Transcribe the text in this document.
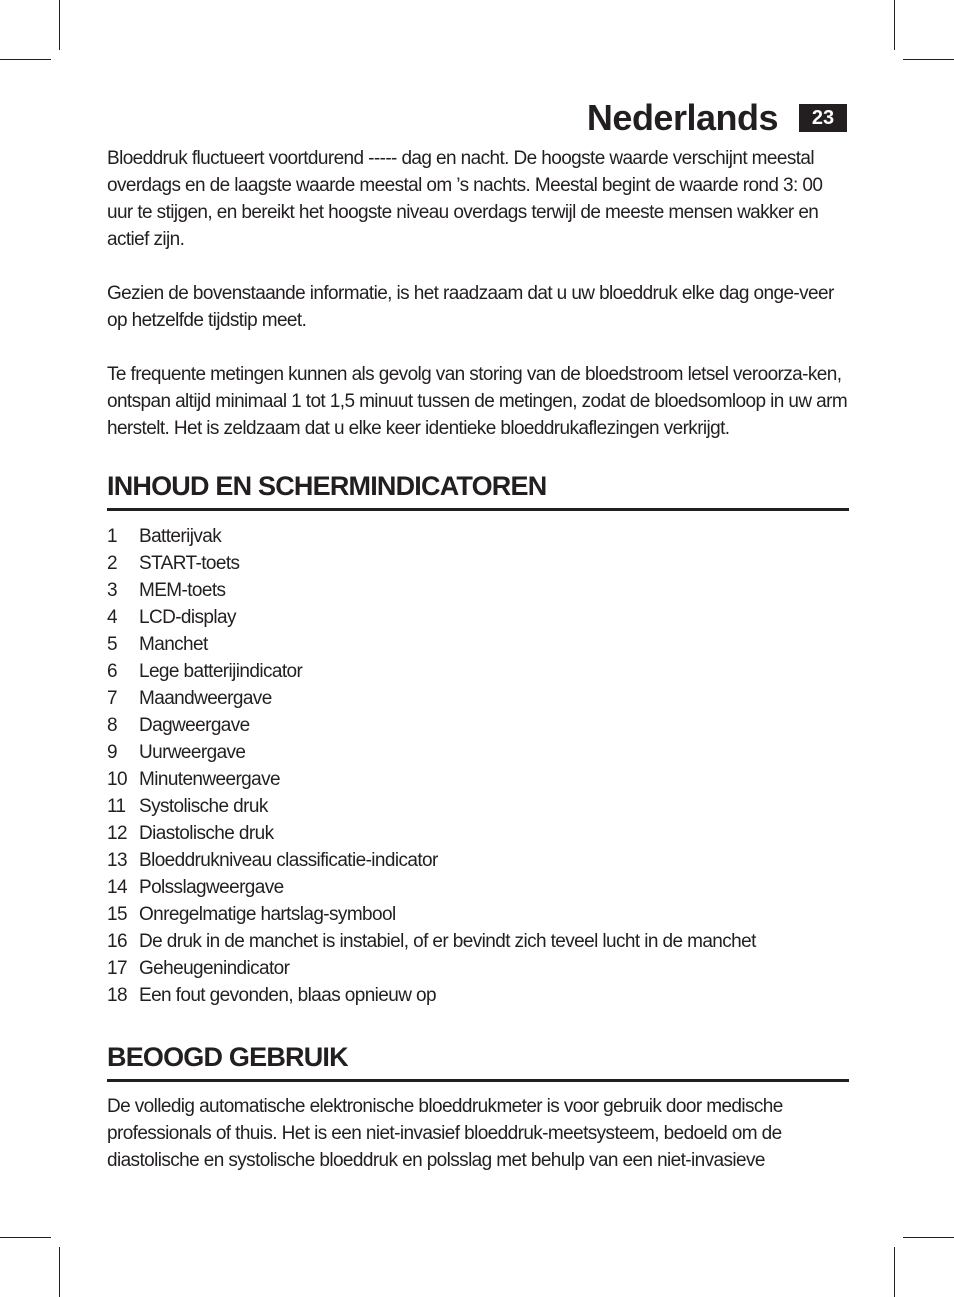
Nederlands	23

Bloeddruk fluctueert voortdurend ----- dag en nacht. De hoogste waarde verschijnt meestal overdags en de laagste waarde meestal om ’s nachts. Meestal begint de waarde rond 3: 00 uur te stijgen, en bereikt het hoogste niveau overdags terwijl de meeste mensen wakker en actief zijn.

Gezien de bovenstaande informatie, is het raadzaam dat u uw bloeddruk elke dag onge-veer op hetzelfde tijdstip meet.

Te frequente metingen kunnen als gevolg van storing van de bloedstroom letsel veroorza-ken, ontspan altijd minimaal 1 tot 1,5 minuut tussen de metingen, zodat de bloedsomloop in uw arm herstelt. Het is zeldzaam dat u elke keer identieke bloeddrukaflezingen verkrijgt.

INHOUD EN SCHERMINDICATOREN
1	Batterijvak
2	START-toets
3	MEM-toets
4	LCD-display
5	Manchet
6	Lege batterijindicator
7	Maandweergave
8	Dagweergave
9	Uurweergave
10 Minutenweergave
11 Systolische druk
12 Diastolische druk
13 Bloeddrukniveau classificatie-indicator
14 Polsslagweergave
15 Onregelmatige hartslag-symbool
16 De druk in de manchet is instabiel, of er bevindt zich teveel lucht in de manchet
17 Geheugenindicator
18 Een fout gevonden, blaas opnieuw op
BEOOGD GEBRUIK

De volledig automatische elektronische bloeddrukmeter is voor gebruik door medische professionals of thuis. Het is een niet-invasief bloeddruk-meetsysteem, bedoeld om de diastolische en systolische bloeddruk en polsslag met behulp van een niet-invasieve
